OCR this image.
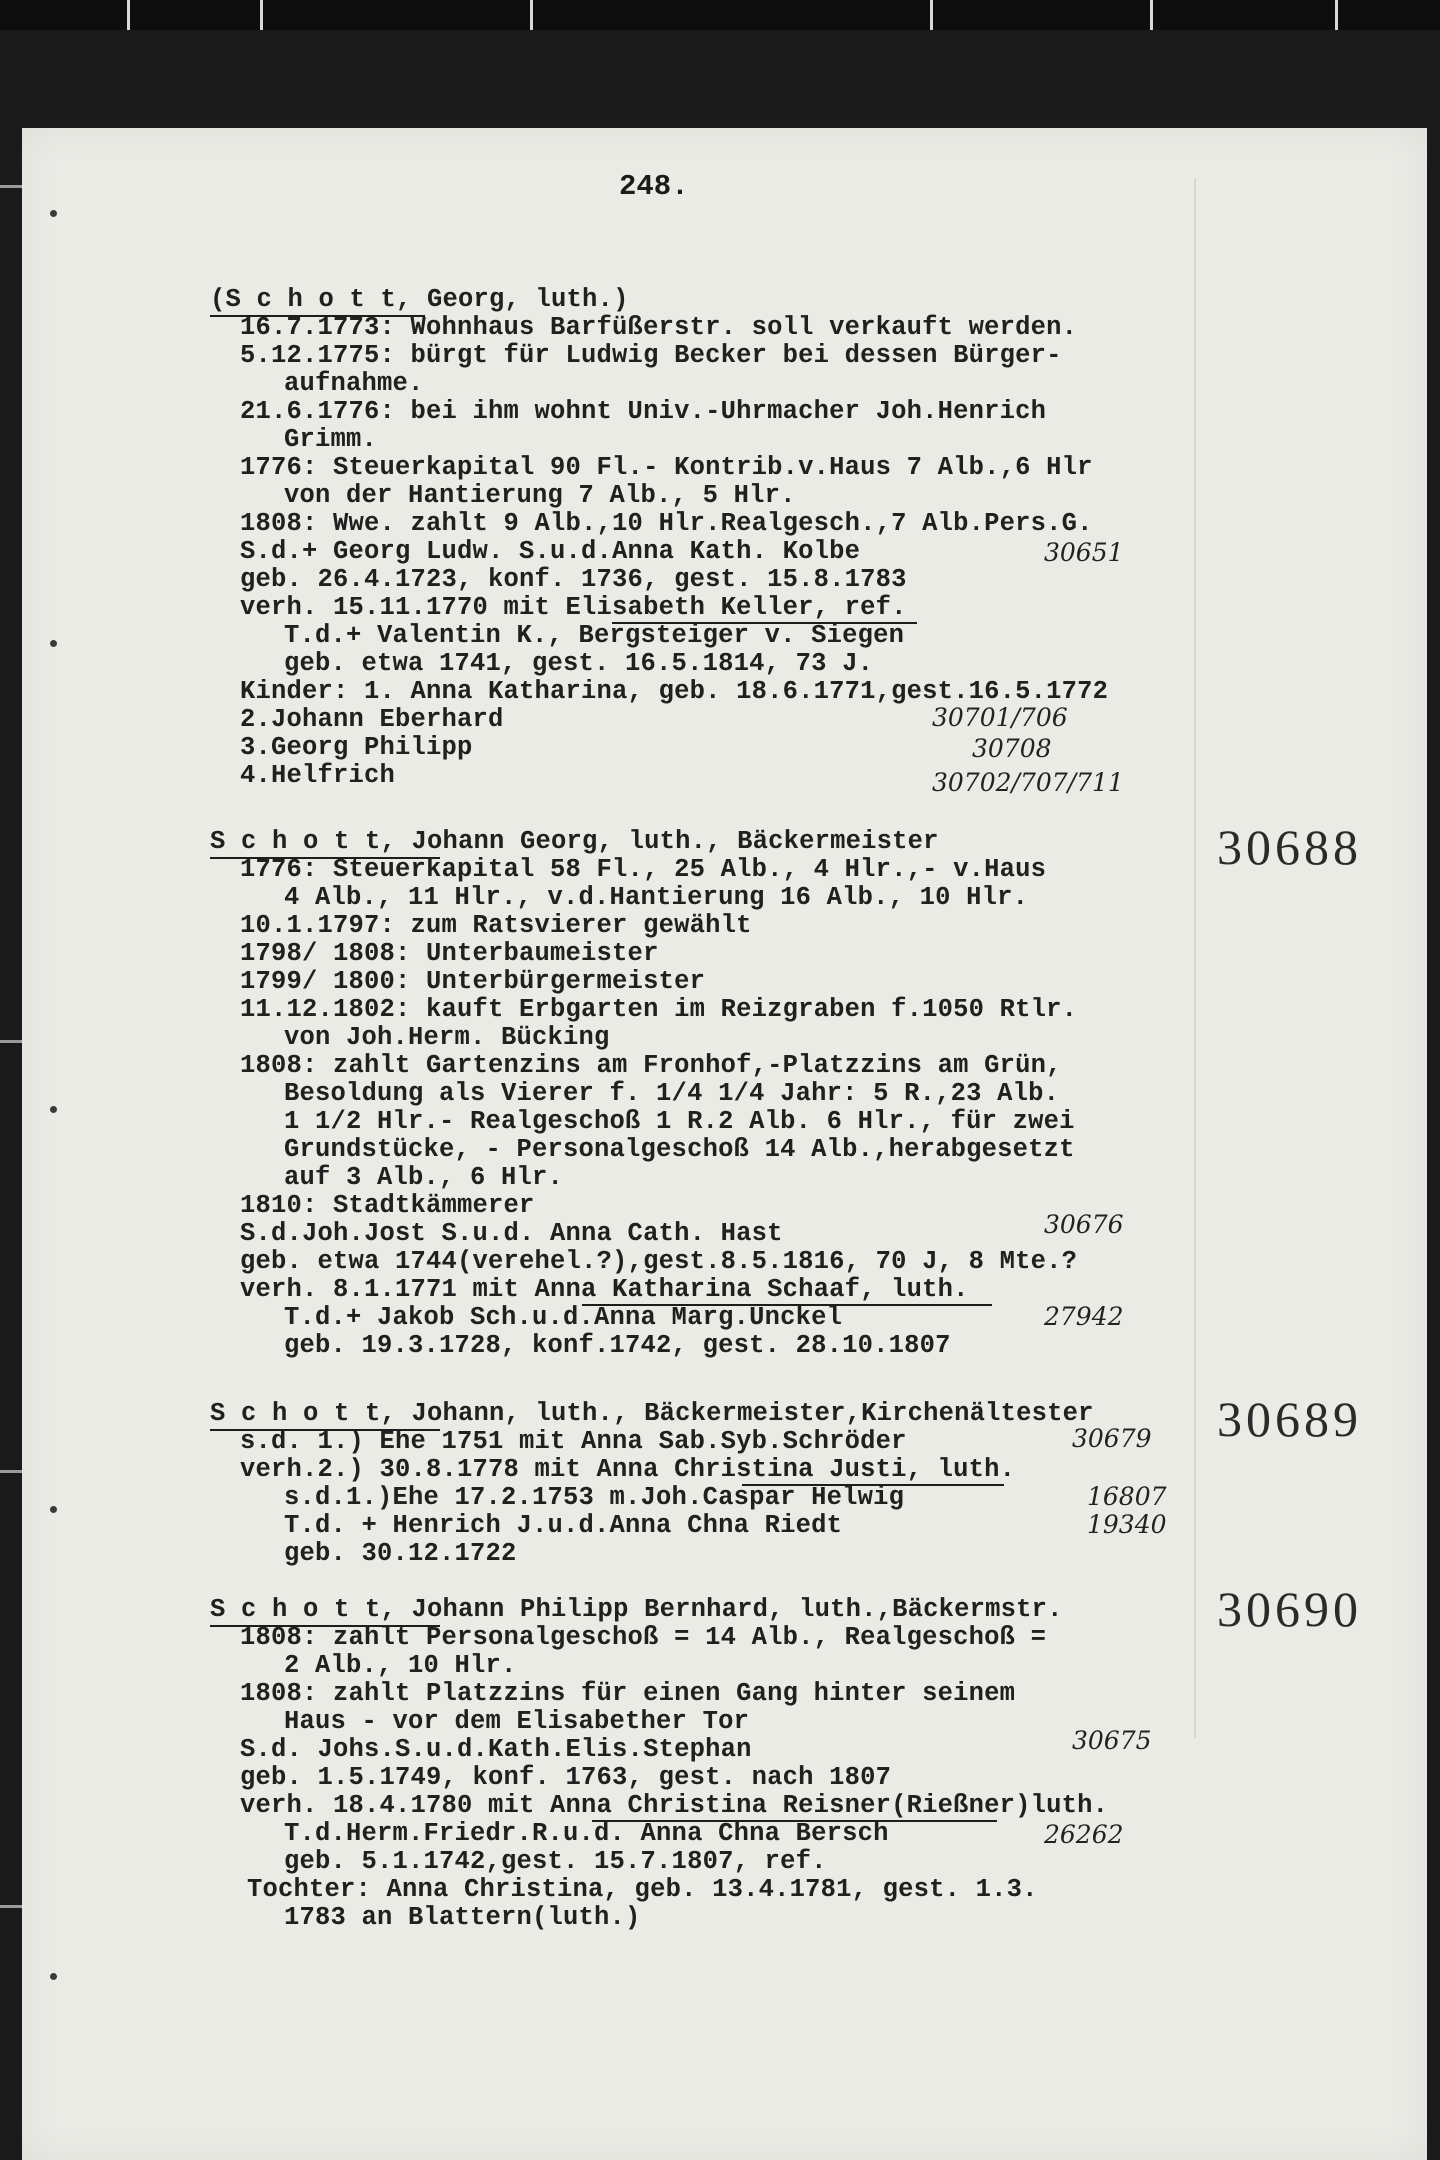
248.
(S c h o t t, Georg, luth.)
16.7.1773: Wohnhaus Barfüßerstr. soll verkauft werden.
5.12.1775: bürgt für Ludwig Becker bei dessen Bürger-
aufnahme.
21.6.1776: bei ihm wohnt Univ.-Uhrmacher Joh.Henrich
Grimm.
1776: Steuerkapital 90 Fl.- Kontrib.v.Haus 7 Alb.,6 Hlr
von der Hantierung 7 Alb., 5 Hlr.
1808: Wwe. zahlt 9 Alb.,10 Hlr.Realgesch.,7 Alb.Pers.G.
S.d.+ Georg Ludw. S.u.d.Anna Kath. Kolbe	30651
geb. 26.4.1723, konf. 1736, gest. 15.8.1783
verh. 15.11.1770 mit Elisabeth Keller, ref.
T.d.+ Valentin K., Bergsteiger v. Siegen
geb. etwa 1741, gest. 16.5.1814, 73 J.
Kinder: 1. Anna Katharina, geb. 18.6.1771,gest.16.5.1772
2.Johann Eberhard	30701/706
3.Georg Philipp	30708
4.Helfrich	30702/707/711
30688
S c h o t t, Johann Georg, luth., Bäckermeister
1776: Steuerkapital 58 Fl., 25 Alb., 4 Hlr.,- v.Haus
4 Alb., 11 Hlr., v.d.Hantierung 16 Alb., 10 Hlr.
10.1.1797: zum Ratsvierer gewählt
1798/ 1808: Unterbaumeister
1799/ 1800: Unterbürgermeister
11.12.1802: kauft Erbgarten im Reizgraben f.1050 Rtlr.
von Joh.Herm. Bücking
1808: zahlt Gartenzins am Fronhof,-Platzzins am Grün,
Besoldung als Vierer f. 1/4 1/4 Jahr: 5 R.,23 Alb.
1 1/2 Hlr.- Realgeschoß 1 R.2 Alb. 6 Hlr., für zwei
Grundstücke, - Personalgeschoß 14 Alb.,herabgesetzt
auf 3 Alb., 6 Hlr.
1810: Stadtkämmerer
S.d.Joh.Jost S.u.d. Anna Cath. Hast	30676
geb. etwa 1744(verehel.?),gest.8.5.1816, 70 J, 8 Mte.?
verh. 8.1.1771 mit Anna Katharina Schaaf, luth.
T.d.+ Jakob Sch.u.d.Anna Marg.Unckel	27942
geb. 19.3.1728, konf.1742, gest. 28.10.1807
30689
S c h o t t, Johann, luth., Bäckermeister,Kirchenältester
s.d. 1.) Ehe 1751 mit Anna Sab.Syb.Schröder	30679
verh.2.) 30.8.1778 mit Anna Christina Justi, luth.
s.d.1.)Ehe 17.2.1753 m.Joh.Caspar Helwig	16807
T.d. + Henrich J.u.d.Anna Chna Riedt	19340
geb. 30.12.1722
30690
S c h o t t, Johann Philipp Bernhard, luth.,Bäckermstr.
1808: zahlt Personalgeschoß = 14 Alb., Realgeschoß =
2 Alb., 10 Hlr.
1808: zahlt Platzzins für einen Gang hinter seinem
Haus - vor dem Elisabether Tor
S.d. Johs.S.u.d.Kath.Elis.Stephan	30675
geb. 1.5.1749, konf. 1763, gest. nach 1807
verh. 18.4.1780 mit Anna Christina Reisner(Rießner)luth.
T.d.Herm.Friedr.R.u.d. Anna Chna Bersch	26262
geb. 5.1.1742,gest. 15.7.1807, ref.
Tochter: Anna Christina, geb. 13.4.1781, gest. 1.3.
1783 an Blattern(luth.)
